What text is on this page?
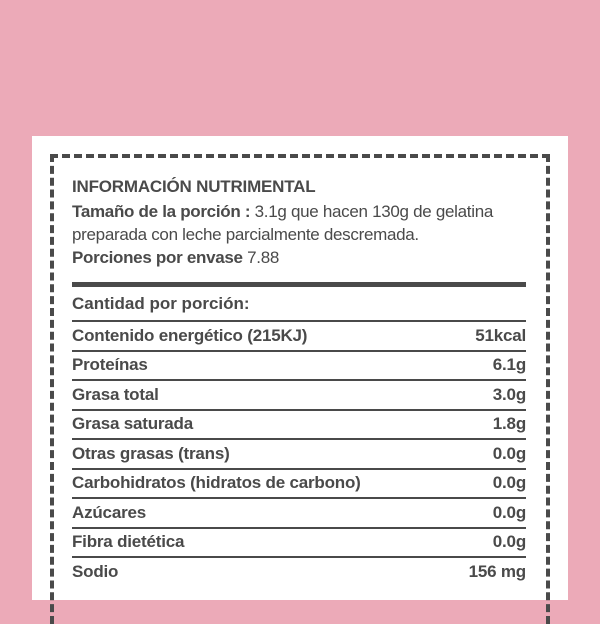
INFORMACIÓN NUTRIMENTAL
Tamaño de la porción : 3.1g que hacen 130g de gelatina preparada con leche parcialmente descremada.
Porciones por envase 7.88
Cantidad por porción:
Contenido energético (215KJ)	51kcal
Proteínas	6.1g
Grasa total	3.0g
Grasa saturada	1.8g
Otras grasas (trans)	0.0g
Carbohidratos (hidratos de carbono)	0.0g
Azúcares	0.0g
Fibra dietética	0.0g
Sodio	156 mg
